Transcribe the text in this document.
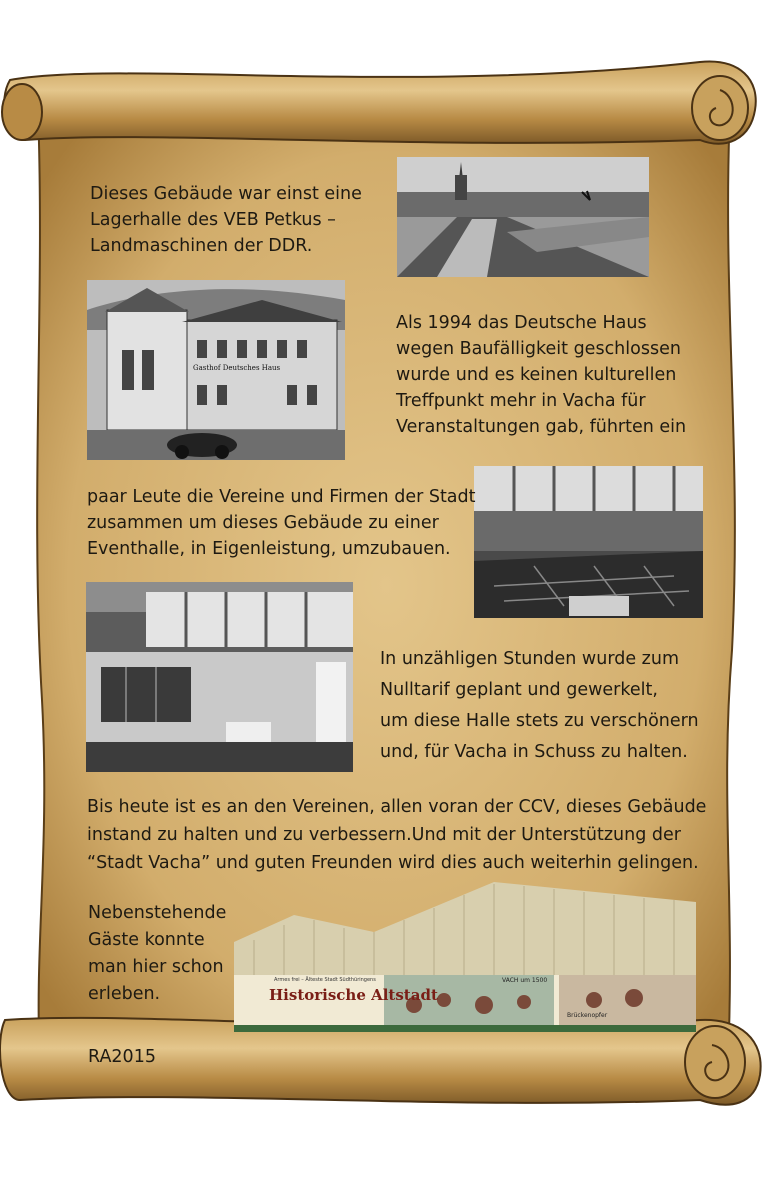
Gasthof Deutsches Haus
Armes frei – Älteste Stadt Südthüringens
Historische Altstadt
VACH um 1500
Brückenopfer

Dieses Gebäude war einst eine

Lagerhalle des VEB Petkus –

Landmaschinen der DDR.

Als 1994 das Deutsche Haus

wegen Baufälligkeit geschlossen

wurde und es keinen kulturellen

Treffpunkt mehr in Vacha für

Veranstaltungen gab, führten ein

paar Leute die Vereine und Firmen der Stadt

zusammen um dieses Gebäude zu einer

Eventhalle, in Eigenleistung, umzubauen.

In unzähligen Stunden wurde zum

Nulltarif geplant und gewerkelt,

um diese Halle stets zu verschönern

und, für Vacha in Schuss zu halten.

Bis heute ist es an den Vereinen, allen voran der CCV, dieses Gebäude

instand zu halten und zu verbessern.Und mit der Unterstützung der

“Stadt Vacha” und guten Freunden wird dies auch weiterhin gelingen.

Nebenstehende

Gäste konnte

man hier schon

erleben.

RA2015
